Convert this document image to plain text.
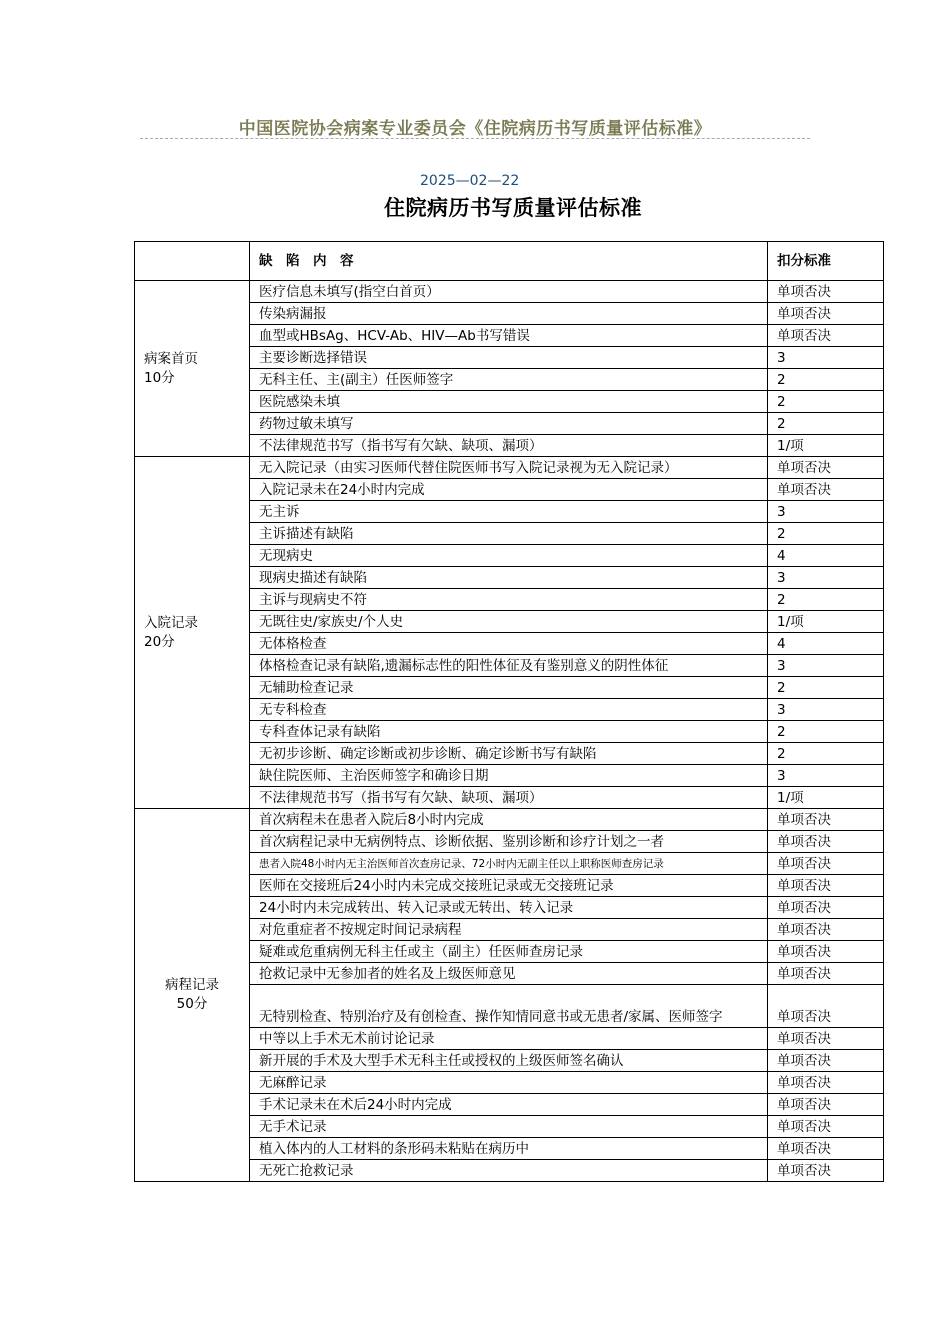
中国医院协会病案专业委员会《住院病历书写质量评估标准》
2025—02—22
住院病历书写质量评估标准
	缺　陷　内　容	扣分标准

病案首页
10分	医疗信息未填写(指空白首页）	单项否决
	传染病漏报	单项否决
	血型或HBsAg、HCV-Ab、HIV—Ab书写错误	单项否决
	主要诊断选择错误	3
	无科主任、主(副主）任医师签字	2
	医院感染未填	2
	药物过敏未填写	2
	不法律规范书写（指书写有欠缺、缺项、漏项）	1/项

入院记录
20分	无入院记录（由实习医师代替住院医师书写入院记录视为无入院记录）	单项否决
	入院记录未在24小时内完成	单项否决
	无主诉	3
	主诉描述有缺陷	2
	无现病史	4
	现病史描述有缺陷	3
	主诉与现病史不符	2
	无既往史/家族史/个人史	1/项
	无体格检查	4
	体格检查记录有缺陷,遗漏标志性的阳性体征及有鉴别意义的阴性体征	3
	无辅助检查记录	2
	无专科检查	3
	专科查体记录有缺陷	2
	无初步诊断、确定诊断或初步诊断、确定诊断书写有缺陷	2
	缺住院医师、主治医师签字和确诊日期	3
	不法律规范书写（指书写有欠缺、缺项、漏项）	1/项

病程记录
50分	首次病程未在患者入院后8小时内完成	单项否决
	首次病程记录中无病例特点、诊断依据、鉴别诊断和诊疗计划之一者	单项否决
	患者入院48小时内无主治医师首次查房记录、72小时内无副主任以上职称医师查房记录	单项否决
	医师在交接班后24小时内未完成交接班记录或无交接班记录	单项否决
	24小时内未完成转出、转入记录或无转出、转入记录	单项否决
	对危重症者不按规定时间记录病程	单项否决
	疑难或危重病例无科主任或主（副主）任医师查房记录	单项否决
	抢救记录中无参加者的姓名及上级医师意见	单项否决
	无特别检查、特别治疗及有创检查、操作知情同意书或无患者/家属、医师签字	单项否决
	中等以上手术无术前讨论记录	单项否决
	新开展的手术及大型手术无科主任或授权的上级医师签名确认	单项否决
	无麻醉记录	单项否决
	手术记录未在术后24小时内完成	单项否决
	无手术记录	单项否决
	植入体内的人工材料的条形码未粘贴在病历中	单项否决
	无死亡抢救记录	单项否决
